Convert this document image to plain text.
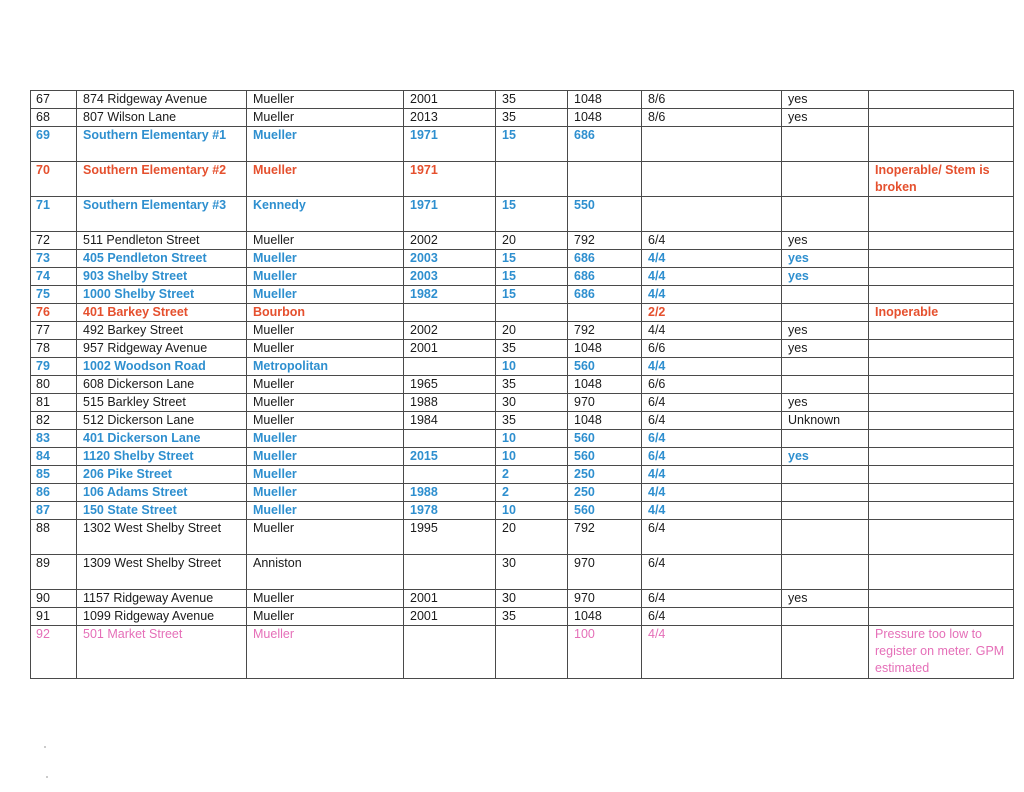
67	874 Ridgeway Avenue	Mueller	2001	35	1048	8/6	yes	
68	807 Wilson Lane	Mueller	2013	35	1048	8/6	yes	
69	Southern Elementary #1	Mueller	1971	15	686			
70	Southern Elementary #2	Mueller	1971					Inoperable/ Stem is broken
71	Southern Elementary #3	Kennedy	1971	15	550			
72	511 Pendleton Street	Mueller	2002	20	792	6/4	yes	
73	405 Pendleton Street	Mueller	2003	15	686	4/4	yes	
74	903 Shelby Street	Mueller	2003	15	686	4/4	yes	
75	1000 Shelby Street	Mueller	1982	15	686	4/4		
76	401 Barkey Street	Bourbon				2/2		Inoperable
77	492 Barkey Street	Mueller	2002	20	792	4/4	yes	
78	957 Ridgeway Avenue	Mueller	2001	35	1048	6/6	yes	
79	1002 Woodson Road	Metropolitan		10	560	4/4		
80	608 Dickerson Lane	Mueller	1965	35	1048	6/6		
81	515 Barkley Street	Mueller	1988	30	970	6/4	yes	
82	512 Dickerson Lane	Mueller	1984	35	1048	6/4	Unknown	
83	401 Dickerson Lane	Mueller		10	560	6/4		
84	1120 Shelby Street	Mueller	2015	10	560	6/4	yes	
85	206 Pike Street	Mueller		2	250	4/4		
86	106 Adams Street	Mueller	1988	2	250	4/4		
87	150 State Street	Mueller	1978	10	560	4/4		
88	1302 West Shelby Street	Mueller	1995	20	792	6/4		
89	1309 West Shelby Street	Anniston		30	970	6/4		
90	1157 Ridgeway Avenue	Mueller	2001	30	970	6/4	yes	
91	1099 Ridgeway Avenue	Mueller	2001	35	1048	6/4		
92	501 Market Street	Mueller			100	4/4		Pressure too low to register on meter. GPM estimated
